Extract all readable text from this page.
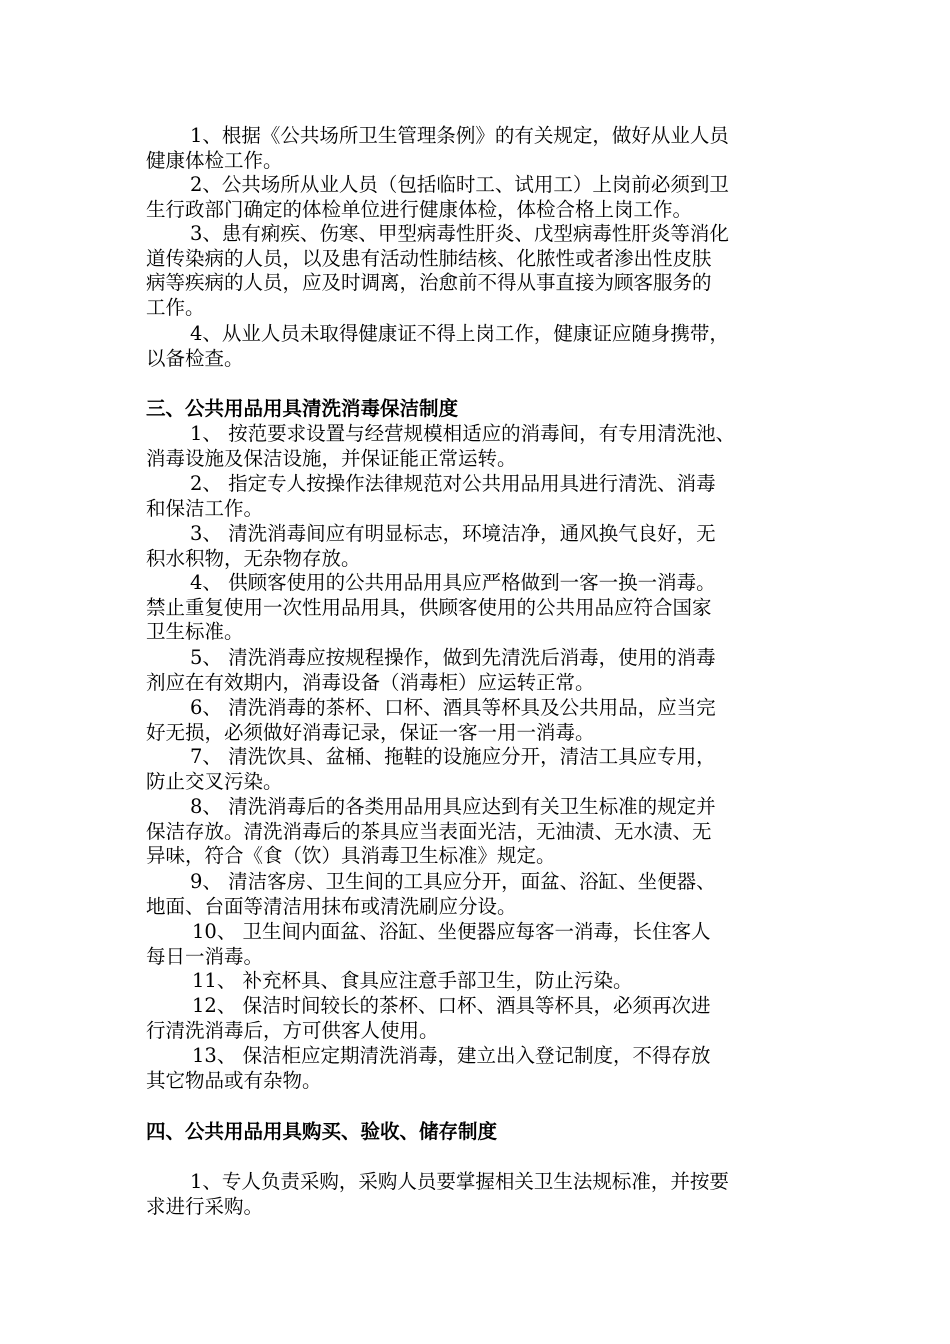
1、根据《公共场所卫生管理条例》的有关规定，做好从业人员
健康体检工作。
2、公共场所从业人员（包括临时工、试用工）上岗前必须到卫
生行政部门确定的体检单位进行健康体检，体检合格上岗工作。
3、患有痢疾、伤寒、甲型病毒性肝炎、戊型病毒性肝炎等消化
道传染病的人员，以及患有活动性肺结核、化脓性或者渗出性皮肤
病等疾病的人员，应及时调离，治愈前不得从事直接为顾客服务的
工作。
4、从业人员未取得健康证不得上岗工作，健康证应随身携带，
以备检查。
三、公共用品用具清洗消毒保洁制度
1、 按范要求设置与经营规模相适应的消毒间，有专用清洗池、
消毒设施及保洁设施，并保证能正常运转。
2、 指定专人按操作法律规范对公共用品用具进行清洗、消毒
和保洁工作。
3、 清洗消毒间应有明显标志，环境洁净，通风换气良好，无
积水积物，无杂物存放。
4、 供顾客使用的公共用品用具应严格做到一客一换一消毒。
禁止重复使用一次性用品用具，供顾客使用的公共用品应符合国家
卫生标准。
5、 清洗消毒应按规程操作，做到先清洗后消毒，使用的消毒
剂应在有效期内，消毒设备（消毒柜）应运转正常。
6、 清洗消毒的茶杯、口杯、酒具等杯具及公共用品，应当完
好无损，必须做好消毒记录，保证一客一用一消毒。
7、 清洗饮具、盆桶、拖鞋的设施应分开，清洁工具应专用，
防止交叉污染。
8、 清洗消毒后的各类用品用具应达到有关卫生标准的规定并
保洁存放。清洗消毒后的茶具应当表面光洁，无油渍、无水渍、无
异味，符合《食（饮）具消毒卫生标准》规定。
9、 清洁客房、卫生间的工具应分开，面盆、浴缸、坐便器、
地面、台面等清洁用抹布或清洗刷应分设。
10、 卫生间内面盆、浴缸、坐便器应每客一消毒，长住客人
每日一消毒。
11、 补充杯具、食具应注意手部卫生，防止污染。
12、 保洁时间较长的茶杯、口杯、酒具等杯具，必须再次进
行清洗消毒后，方可供客人使用。
13、 保洁柜应定期清洗消毒，建立出入登记制度，不得存放
其它物品或有杂物。
四、公共用品用具购买、验收、储存制度
1、专人负责采购，采购人员要掌握相关卫生法规标准，并按要
求进行采购。
